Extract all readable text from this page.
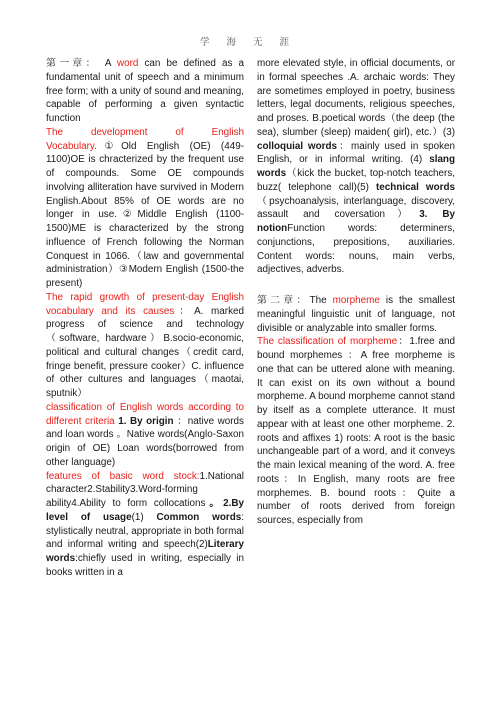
学 海 无 涯

第一章： A word can be defined as a fundamental unit of speech and a minimum free form; with a unity of sound and meaning, capable of performing a given syntactic function

The development of English Vocabulary.①Old English (OE) (449-1100)OE is chracterized by the frequent use of compounds. Some OE compounds involving alliteration have survived in Modern English.About 85% of OE words are no longer in use.②Middle English (1100-1500)ME is characterized by the strong influence of French following the Norman Conquest in 1066.（law and governmental administration）③Modern English (1500-the present)

The rapid growth of present-day English vocabulary and its causes：A. marked progress of science and technology（software, hardware）B.socio-economic, political and cultural changes（credit card, fringe benefit, pressure cooker）C. influence of other cultures and languages（maotai, sputnik）

classification of English words according to different criteria 1. By origin ：native words and loan words 。Native words(Anglo-Saxon origin of OE) Loan words(borrowed from other language)

features of basic word stock:1.National character2.Stability3.Word-forming ability4.Ability to form collocations。2.By level of usage(1) Common words: stylistically neutral, appropriate in both formal and informal writing and speech(2)Literary words:chiefly used in writing, especially in books written in a

more elevated style, in official documents, or in formal speeches .A. archaic words: They are sometimes employed in poetry, business letters, legal documents, religious speeches, and proses. B.poetical words（the deep (the sea), slumber (sleep) maiden( girl), etc.）(3) colloquial words：mainly used in spoken English, or in informal writing. (4) slang words（kick the bucket, top-notch teachers, buzz( telephone call)(5) technical words（psychoanalysis, interlanguage, discovery, assault and coversation）3. By notionFunction words: determiners, conjunctions, prepositions, auxiliaries. Content words: nouns, main verbs, adjectives, adverbs.

第二章：The morpheme is the smallest meaningful linguistic unit of language, not divisible or analyzable into smaller forms.

The classification of morpheme：1.free and bound morphemes ：A free morpheme is one that can be uttered alone with meaning. It can exist on its own without a bound morpheme. A bound morpheme cannot stand by itself as a complete utterance. It must appear with at least one other morpheme. 2. roots and affixes 1) roots: A root is the basic unchangeable part of a word, and it conveys the main lexical meaning of the word. A. free roots：In English, many roots are free morphemes. B. bound roots：Quite a number of roots derived from foreign sources, especially from
